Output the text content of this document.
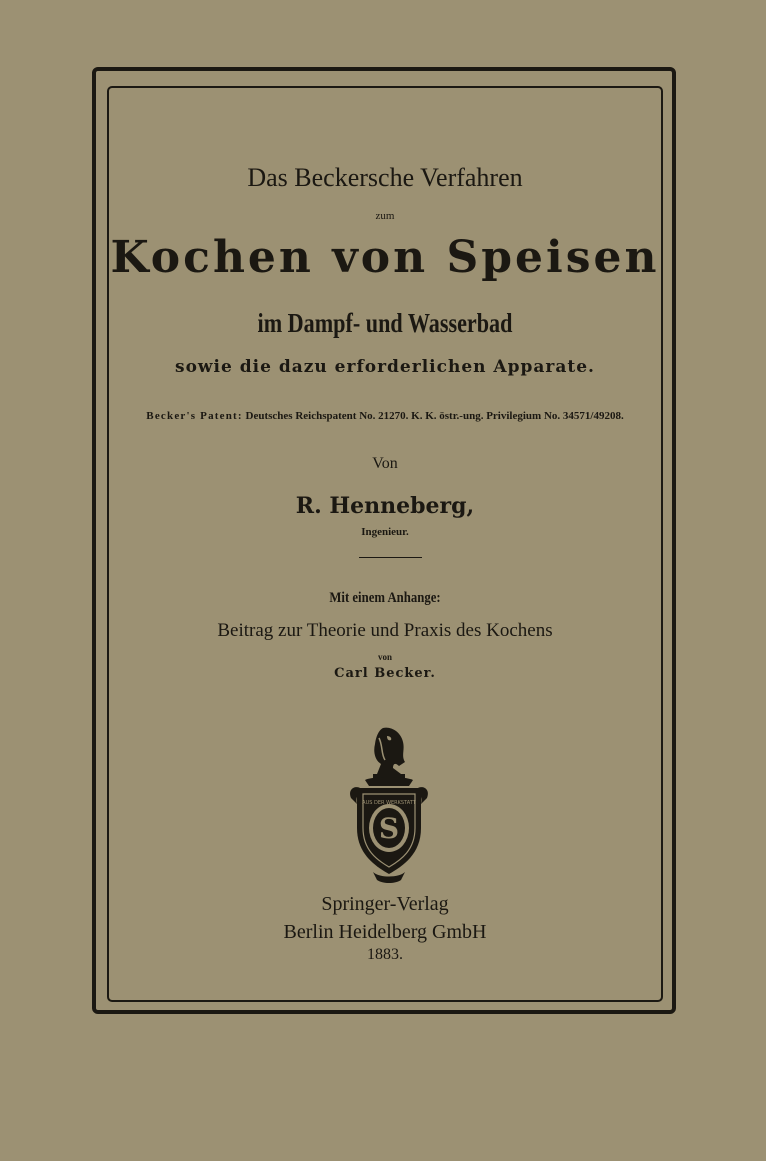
Das Beckersche Verfahren
zum
Kochen von Speisen
im Dampf- und Wasserbad
sowie die dazu erforderlichen Apparate.
Becker's Patent: Deutsches Reichspatent No. 21270. K. K. östr.-ung. Privilegium No. 34571/49208.
Von
R. Henneberg,
Ingenieur.
Mit einem Anhange:
Beitrag zur Theorie und Praxis des Kochens
von
Carl Becker.
S
AUS DER WERKSTATT
Springer-Verlag
Berlin Heidelberg GmbH
1883.
